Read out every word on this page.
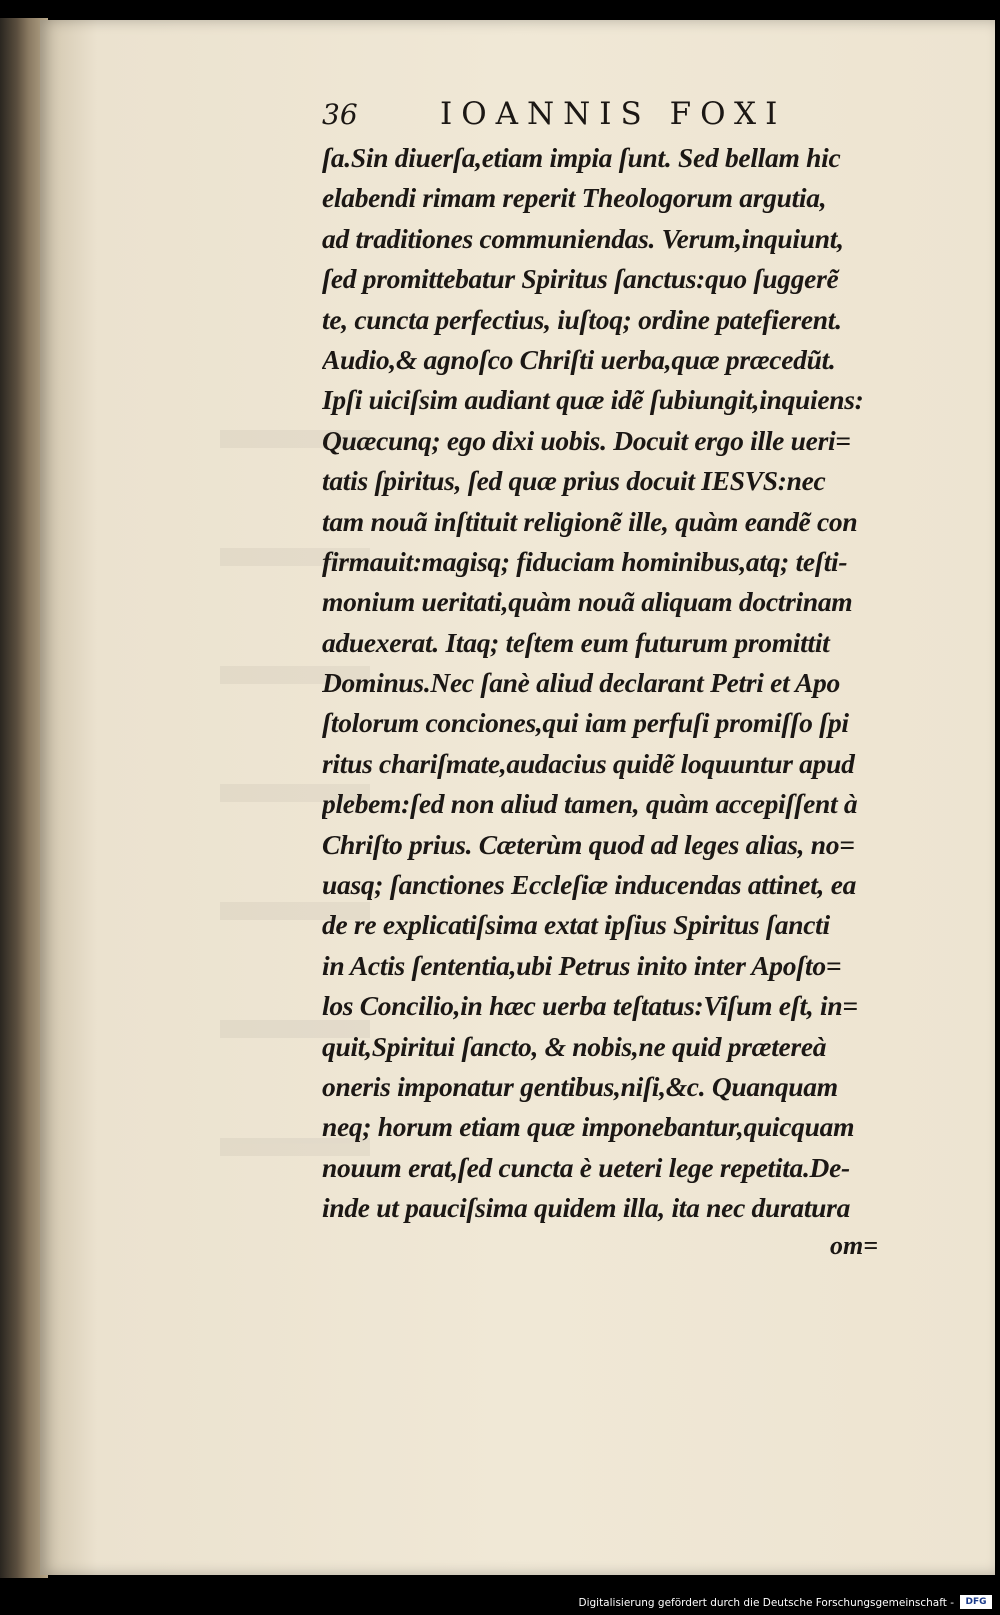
36	IOANNIS FOXI
ſa.Sin diuerſa,etiam impia ſunt. Sed bellam hic
elabendi rimam reperit Theologorum argutia,
ad traditiones communiendas. Verum,inquiunt,
ſed promittebatur Spiritus ſanctus:quo ſuggerẽ
te, cuncta perfectius, iuſtoq; ordine patefierent.
Audio,& agnoſco Chriſti uerba,quæ præcedũt.
Ipſi uiciſsim audiant quæ idẽ ſubiungit,inquiens:
Quæcunq; ego dixi uobis. Docuit ergo ille ueri=
tatis ſpiritus, ſed quæ prius docuit IESVS:nec
tam nouã inſtituit religionẽ ille, quàm eandẽ con
firmauit:magisq; fiduciam hominibus,atq; teſti-
monium ueritati,quàm nouã aliquam doctrinam
aduexerat. Itaq; teſtem eum futurum promittit
Dominus.Nec ſanè aliud declarant Petri et Apo
ſtolorum conciones,qui iam perfuſi promiſſo ſpi
ritus chariſmate,audacius quidẽ loquuntur apud
plebem:ſed non aliud tamen, quàm accepiſſent à
Chriſto prius. Cæterùm quod ad leges alias, no=
uasq; ſanctiones Eccleſiæ inducendas attinet, ea
de re explicatiſsima extat ipſius Spiritus ſancti
in Actis ſententia,ubi Petrus inito inter Apoſto=
los Concilio,in hæc uerba teſtatus:Viſum eſt, in=
quit,Spiritui ſancto, & nobis,ne quid prætereà
oneris imponatur gentibus,niſi,&c. Quanquam
neq; horum etiam quæ imponebantur,quicquam
nouum erat,ſed cuncta è ueteri lege repetita.De-
inde ut pauciſsima quidem illa, ita nec duratura
om=
Digitalisierung gefördert durch die Deutsche Forschungsgemeinschaft -	DFG
